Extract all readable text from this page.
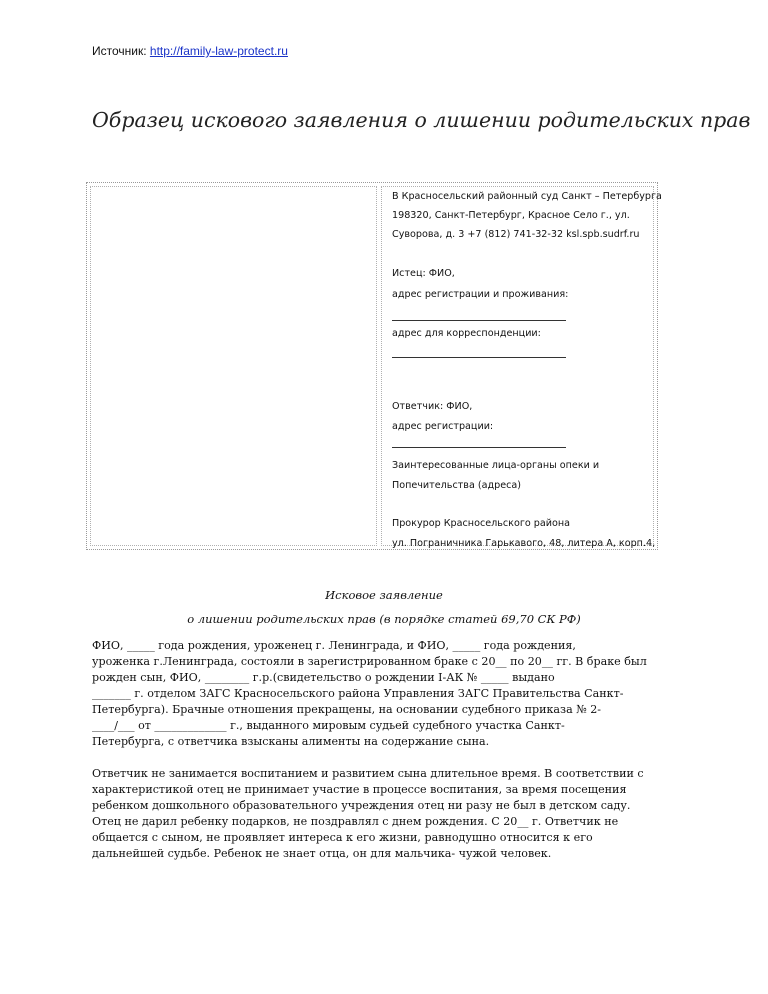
Источник: http://family-law-protect.ru
Образец искового заявления о лишении родительских прав
В Красносельский районный суд Санкт – Петербурга
198320, Санкт-Петербург, Красное Село г., ул.
Суворова, д. 3 +7 (812) 741-32-32 ksl.spb.sudrf.ru
Истец: ФИО,
адрес регистрации и проживания:
адрес для корреспонденции:
Ответчик: ФИО,
адрес регистрации:
Заинтересованные лица-органы опеки и
Попечительства (адреса)
Прокурор Красносельского района
ул. Пограничника Гарькавого, 48, литера А, корп.4,
Исковое заявление
о лишении родительских прав (в порядке статей 69,70 СК РФ)
ФИО, _____ года рождения, уроженец г. Ленинграда, и ФИО, _____ года рождения,
уроженка г.Ленинграда, состояли в зарегистрированном браке с 20__ по 20__ гг. В браке был
рожден сын, ФИО, ________ г.р.(свидетельство о рождении I-АК № _____ выдано
_______ г. отделом ЗАГС Красносельского района Управления ЗАГС Правительства Санкт-
Петербурга). Брачные отношения прекращены, на основании судебного приказа № 2-
____/___ от _____________ г., выданного мировым судьей судебного участка Санкт-
Петербурга, с ответчика взысканы алименты на содержание сына.
Ответчик не занимается воспитанием и развитием сына длительное время. В соответствии с
характеристикой отец не принимает участие в процессе воспитания, за время посещения
ребенком дошкольного образовательного учреждения отец ни разу не был в детском саду.
Отец не дарил ребенку подарков, не поздравлял с днем рождения. С 20__ г. Ответчик не
общается с сыном, не проявляет интереса к его жизни, равнодушно относится к его
дальнейшей судьбе. Ребенок не знает отца, он для мальчика- чужой человек.
